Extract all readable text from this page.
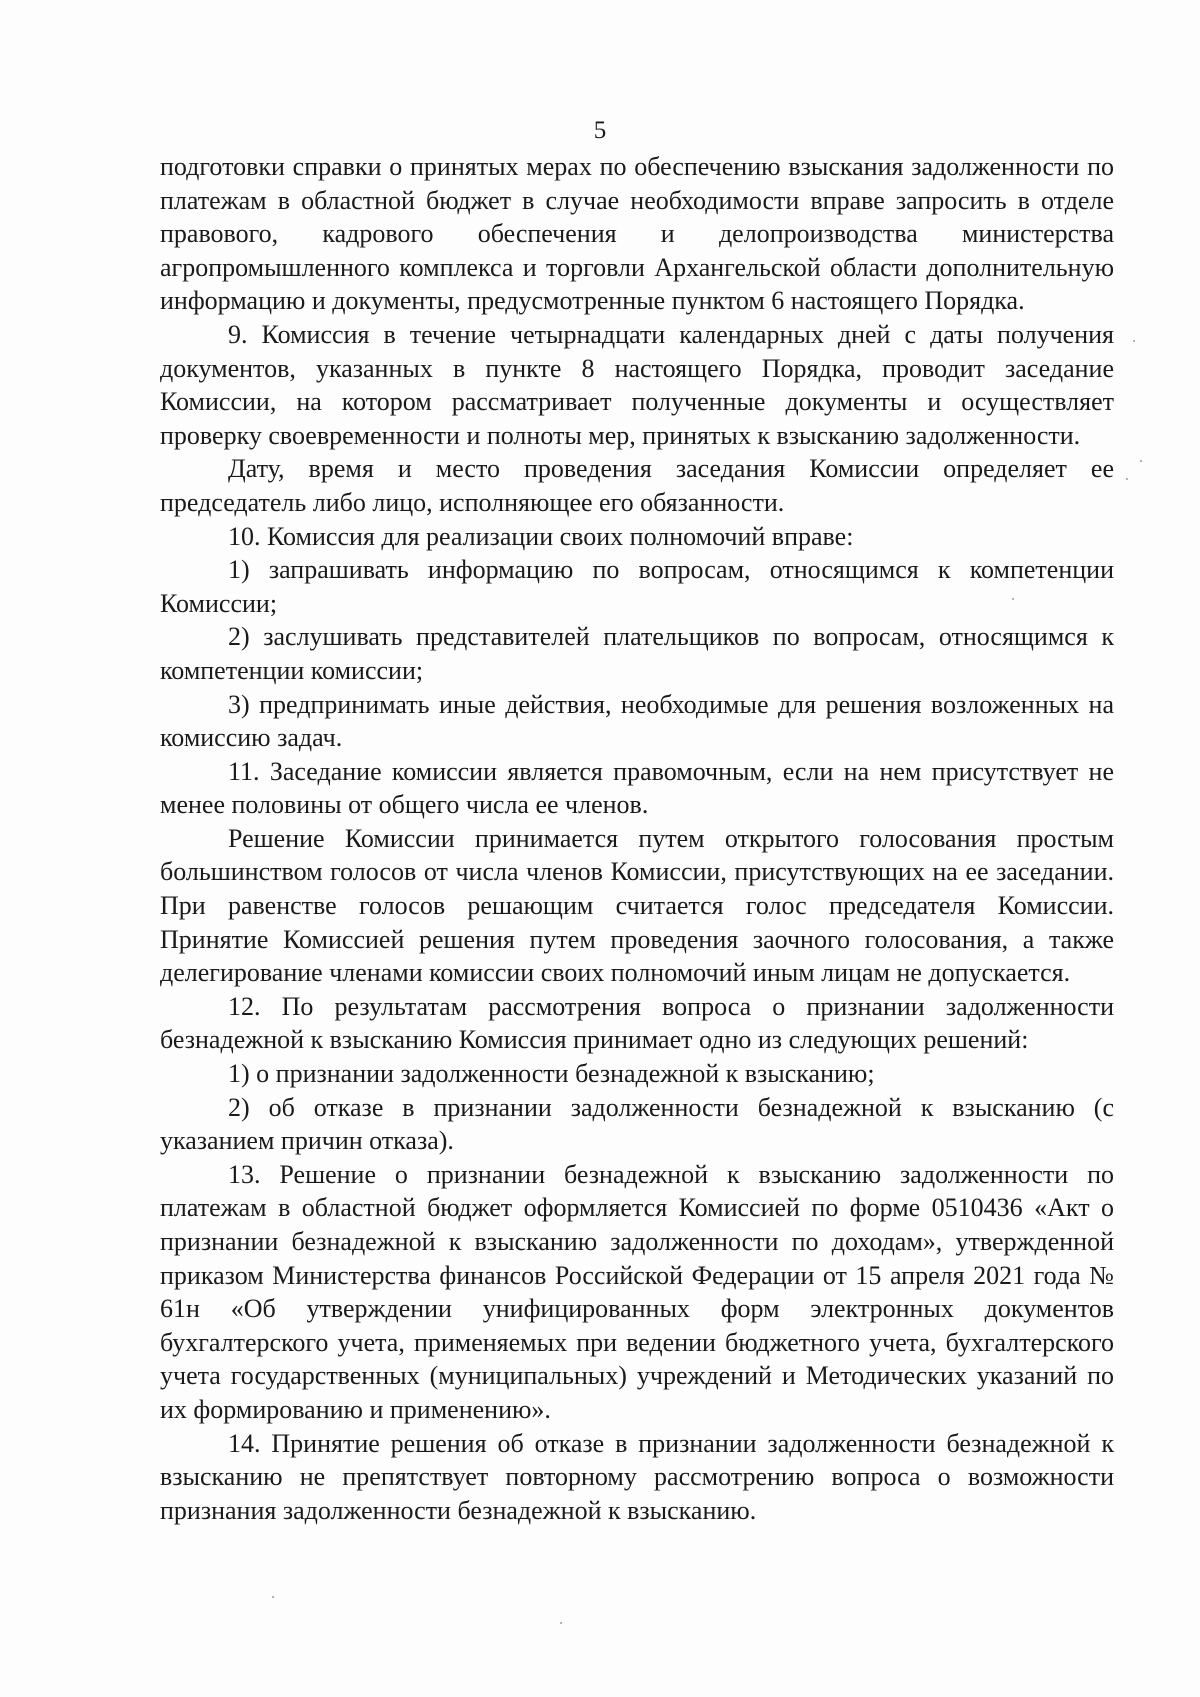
5

подготовки справки о принятых мерах по обеспечению взыскания задолженности по платежам в областной бюджет в случае необходимости вправе запросить в отделе правового, кадрового обеспечения и делопроизводства министерства агропромышленного комплекса и торговли Архангельской области дополнительную информацию и документы, предусмотренные пунктом 6 настоящего Порядка.

9. Комиссия в течение четырнадцати календарных дней с даты получения документов, указанных в пункте 8 настоящего Порядка, проводит заседание Комиссии, на котором рассматривает полученные документы и осуществляет проверку своевременности и полноты мер, принятых к взысканию задолженности.

Дату, время и место проведения заседания Комиссии определяет ее председатель либо лицо, исполняющее его обязанности.

10. Комиссия для реализации своих полномочий вправе:

1) запрашивать информацию по вопросам, относящимся к компетенции Комиссии;

2) заслушивать представителей плательщиков по вопросам, относящимся к компетенции комиссии;

3) предпринимать иные действия, необходимые для решения возложенных на комиссию задач.

11. Заседание комиссии является правомочным, если на нем присутствует не менее половины от общего числа ее членов.

Решение Комиссии принимается путем открытого голосования простым большинством голосов от числа членов Комиссии, присутствующих на ее заседании. При равенстве голосов решающим считается голос председателя Комиссии. Принятие Комиссией решения путем проведения заочного голосования, а также делегирование членами комиссии своих полномочий иным лицам не допускается.

12. По результатам рассмотрения вопроса о признании задолженности безнадежной к взысканию Комиссия принимает одно из следующих решений:

1) о признании задолженности безнадежной к взысканию;

2) об отказе в признании задолженности безнадежной к взысканию (с указанием причин отказа).

13. Решение о признании безнадежной к взысканию задолженности по платежам в областной бюджет оформляется Комиссией по форме 0510436 «Акт о признании безнадежной к взысканию задолженности по доходам», утвержденной приказом Министерства финансов Российской Федерации от 15 апреля 2021 года № 61н «Об утверждении унифицированных форм электронных документов бухгалтерского учета, применяемых при ведении бюджетного учета, бухгалтерского учета государственных (муниципальных) учреждений и Методических указаний по их формированию и применению».

14. Принятие решения об отказе в признании задолженности безнадежной к взысканию не препятствует повторному рассмотрению вопроса о возможности признания задолженности безнадежной к взысканию.
